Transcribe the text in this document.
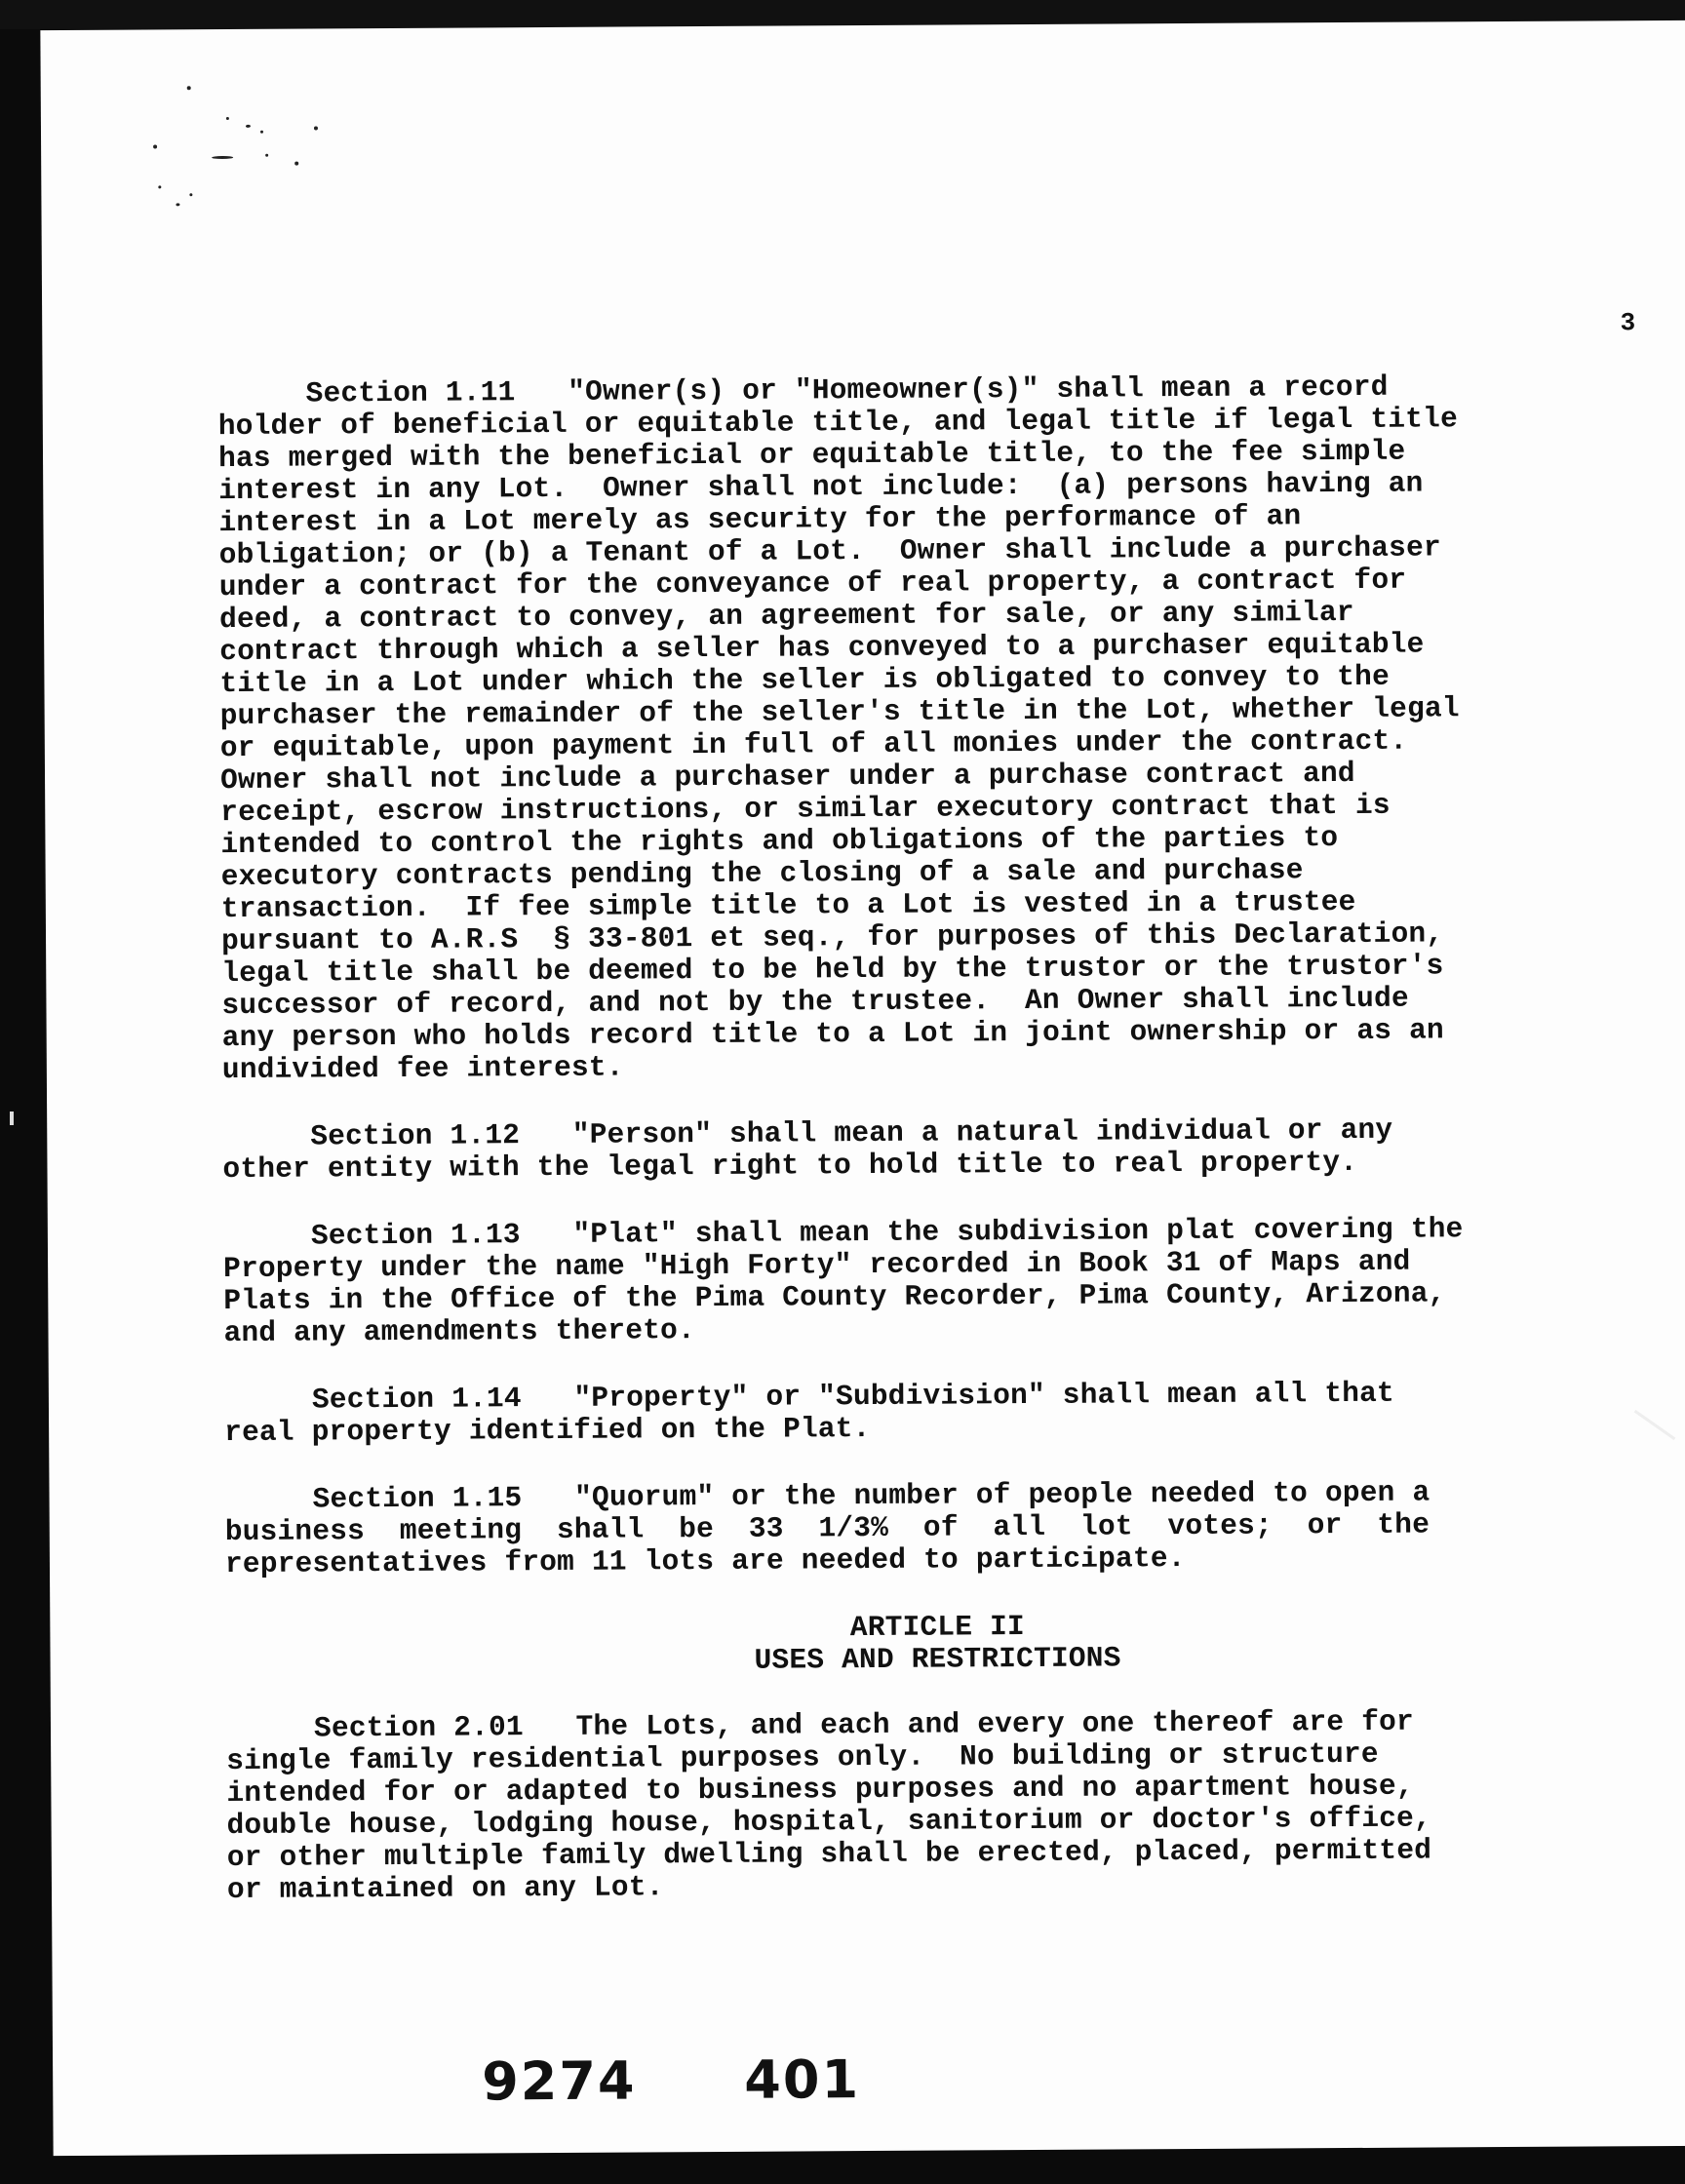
3
Section 1.11   "Owner(s) or "Homeowner(s)" shall mean a record
holder of beneficial or equitable title, and legal title if legal title
has merged with the beneficial or equitable title, to the fee simple
interest in any Lot.  Owner shall not include:  (a) persons having an
interest in a Lot merely as security for the performance of an
obligation; or (b) a Tenant of a Lot.  Owner shall include a purchaser
under a contract for the conveyance of real property, a contract for
deed, a contract to convey, an agreement for sale, or any similar
contract through which a seller has conveyed to a purchaser equitable
title in a Lot under which the seller is obligated to convey to the
purchaser the remainder of the seller's title in the Lot, whether legal
or equitable, upon payment in full of all monies under the contract.
Owner shall not include a purchaser under a purchase contract and
receipt, escrow instructions, or similar executory contract that is
intended to control the rights and obligations of the parties to
executory contracts pending the closing of a sale and purchase
transaction.  If fee simple title to a Lot is vested in a trustee
pursuant to A.R.S  § 33-801 et seq., for purposes of this Declaration,
legal title shall be deemed to be held by the trustor or the trustor's
successor of record, and not by the trustee.  An Owner shall include
any person who holds record title to a Lot in joint ownership or as an
undivided fee interest.
Section 1.12   "Person" shall mean a natural individual or any
other entity with the legal right to hold title to real property.
Section 1.13   "Plat" shall mean the subdivision plat covering the
Property under the name "High Forty" recorded in Book 31 of Maps and
Plats in the Office of the Pima County Recorder, Pima County, Arizona,
and any amendments thereto.
Section 1.14   "Property" or "Subdivision" shall mean all that
real property identified on the Plat.
Section 1.15   "Quorum" or the number of people needed to open a
business  meeting  shall  be  33  1/3%  of  all  lot  votes;  or  the
representatives from 11 lots are needed to participate.
ARTICLE II
USES AND RESTRICTIONS
Section 2.01   The Lots, and each and every one thereof are for
single family residential purposes only.  No building or structure
intended for or adapted to business purposes and no apartment house,
double house, lodging house, hospital, sanitorium or doctor's office,
or other multiple family dwelling shall be erected, placed, permitted
or maintained on any Lot.
9274 401
